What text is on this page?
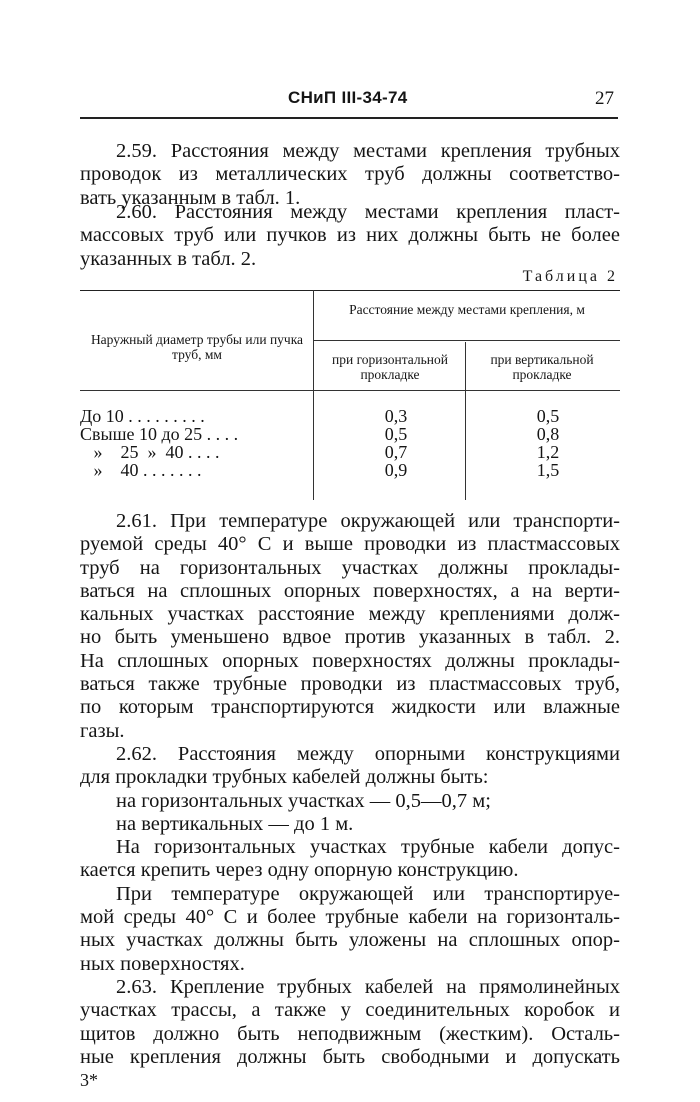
СНиП III-34-74	27

2.59. Расстояния между местами крепления трубных
проводок из металлических труб должны соответство-
вать указанным в табл. 1.

2.60. Расстояния между местами крепления пласт-
массовых труб или пучков из них должны быть не более
указанных в табл. 2.

Таблица 2
Наружный диаметр трубы или пучка труб, мм
Расстояние между местами крепления, м
при горизонтальной прокладке
при вертикальной прокладке
До 10 . . . . . . . . .
Свыше 10 до 25 . . . .
»    25  »  40 . . . .
»    40 . . . . . . .
0,3
0,5
0,7
0,9
0,5
0,8
1,2
1,5

2.61. При температуре окружающей или транспорти-
руемой среды 40° С и выше проводки из пластмассовых
труб на горизонтальных участках должны проклады-
ваться на сплошных опорных поверхностях, а на верти-
кальных участках расстояние между креплениями долж-
но быть уменьшено вдвое против указанных в табл. 2.
На сплошных опорных поверхностях должны проклады-
ваться также трубные проводки из пластмассовых труб,
по которым транспортируются жидкости или влажные
газы.

2.62. Расстояния между опорными конструкциями
для прокладки трубных кабелей должны быть:
на горизонтальных участках — 0,5—0,7 м;
на вертикальных — до 1 м.
На горизонтальных участках трубные кабели допус-
кается крепить через одну опорную конструкцию.
При температуре окружающей или транспортируе-
мой среды 40° С и более трубные кабели на горизонталь-
ных участках должны быть уложены на сплошных опор-
ных поверхностях.

2.63. Крепление трубных кабелей на прямолинейных
участках трассы, а также у соединительных коробок и
щитов должно быть неподвижным (жестким). Осталь-
ные крепления должны быть свободными и допускать

3*
